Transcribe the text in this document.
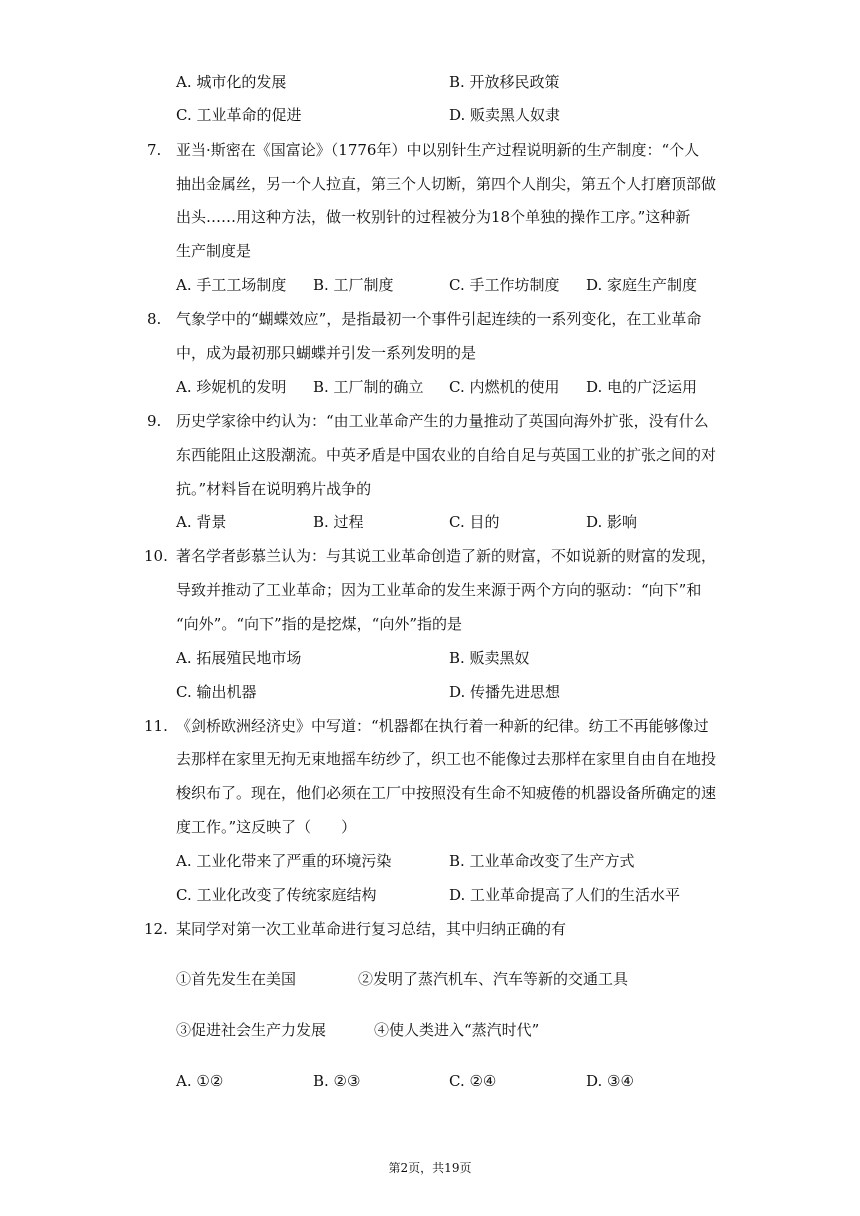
A. 城市化的发展	B. 开放移民政策
C. 工业革命的促进	D. 贩卖黑人奴隶
7. 亚当·斯密在《国富论》（1776年）中以别针生产过程说明新的生产制度：“个人
抽出金属丝，另一个人拉直，第三个人切断，第四个人削尖，第五个人打磨顶部做
出头……用这种方法，做一枚别针的过程被分为18个单独的操作工序。”这种新
生产制度是
A. 手工工场制度 B. 工厂制度	C. 手工作坊制度 D. 家庭生产制度
8. 气象学中的“蝴蝶效应”，是指最初一个事件引起连续的一系列变化，在工业革命
中，成为最初那只蝴蝶并引发一系列发明的是
A. 珍妮机的发明 B. 工厂制的确立 C. 内燃机的使用 D. 电的广泛运用
9. 历史学家徐中约认为：“由工业革命产生的力量推动了英国向海外扩张，没有什么
东西能阻止这股潮流。中英矛盾是中国农业的自给自足与英国工业的扩张之间的对
抗。”材料旨在说明鸦片战争的
A. 背景	B. 过程	C. 目的	D. 影响
10. 著名学者彭慕兰认为：与其说工业革命创造了新的财富，不如说新的财富的发现，
导致并推动了工业革命；因为工业革命的发生来源于两个方向的驱动：“向下”和
“向外”。“向下”指的是挖煤，“向外”指的是
A. 拓展殖民地市场	B. 贩卖黑奴
C. 输出机器	D. 传播先进思想
11. 《剑桥欧洲经济史》中写道：“机器都在执行着一种新的纪律。纺工不再能够像过
去那样在家里无拘无束地摇车纺纱了，织工也不能像过去那样在家里自由自在地投
梭织布了。现在，他们必须在工厂中按照没有生命不知疲倦的机器设备所确定的速
度工作。”这反映了（　　）
A. 工业化带来了严重的环境污染	B. 工业革命改变了生产方式
C. 工业化改变了传统家庭结构	D. 工业革命提高了人们的生活水平
12. 某同学对第一次工业革命进行复习总结，其中归纳正确的有
①首先发生在美国	②发明了蒸汽机车、汽车等新的交通工具
③促进社会生产力发展	④使人类进入“蒸汽时代”
A. ①②	B. ②③	C. ②④	D. ③④
第2页，共19页
